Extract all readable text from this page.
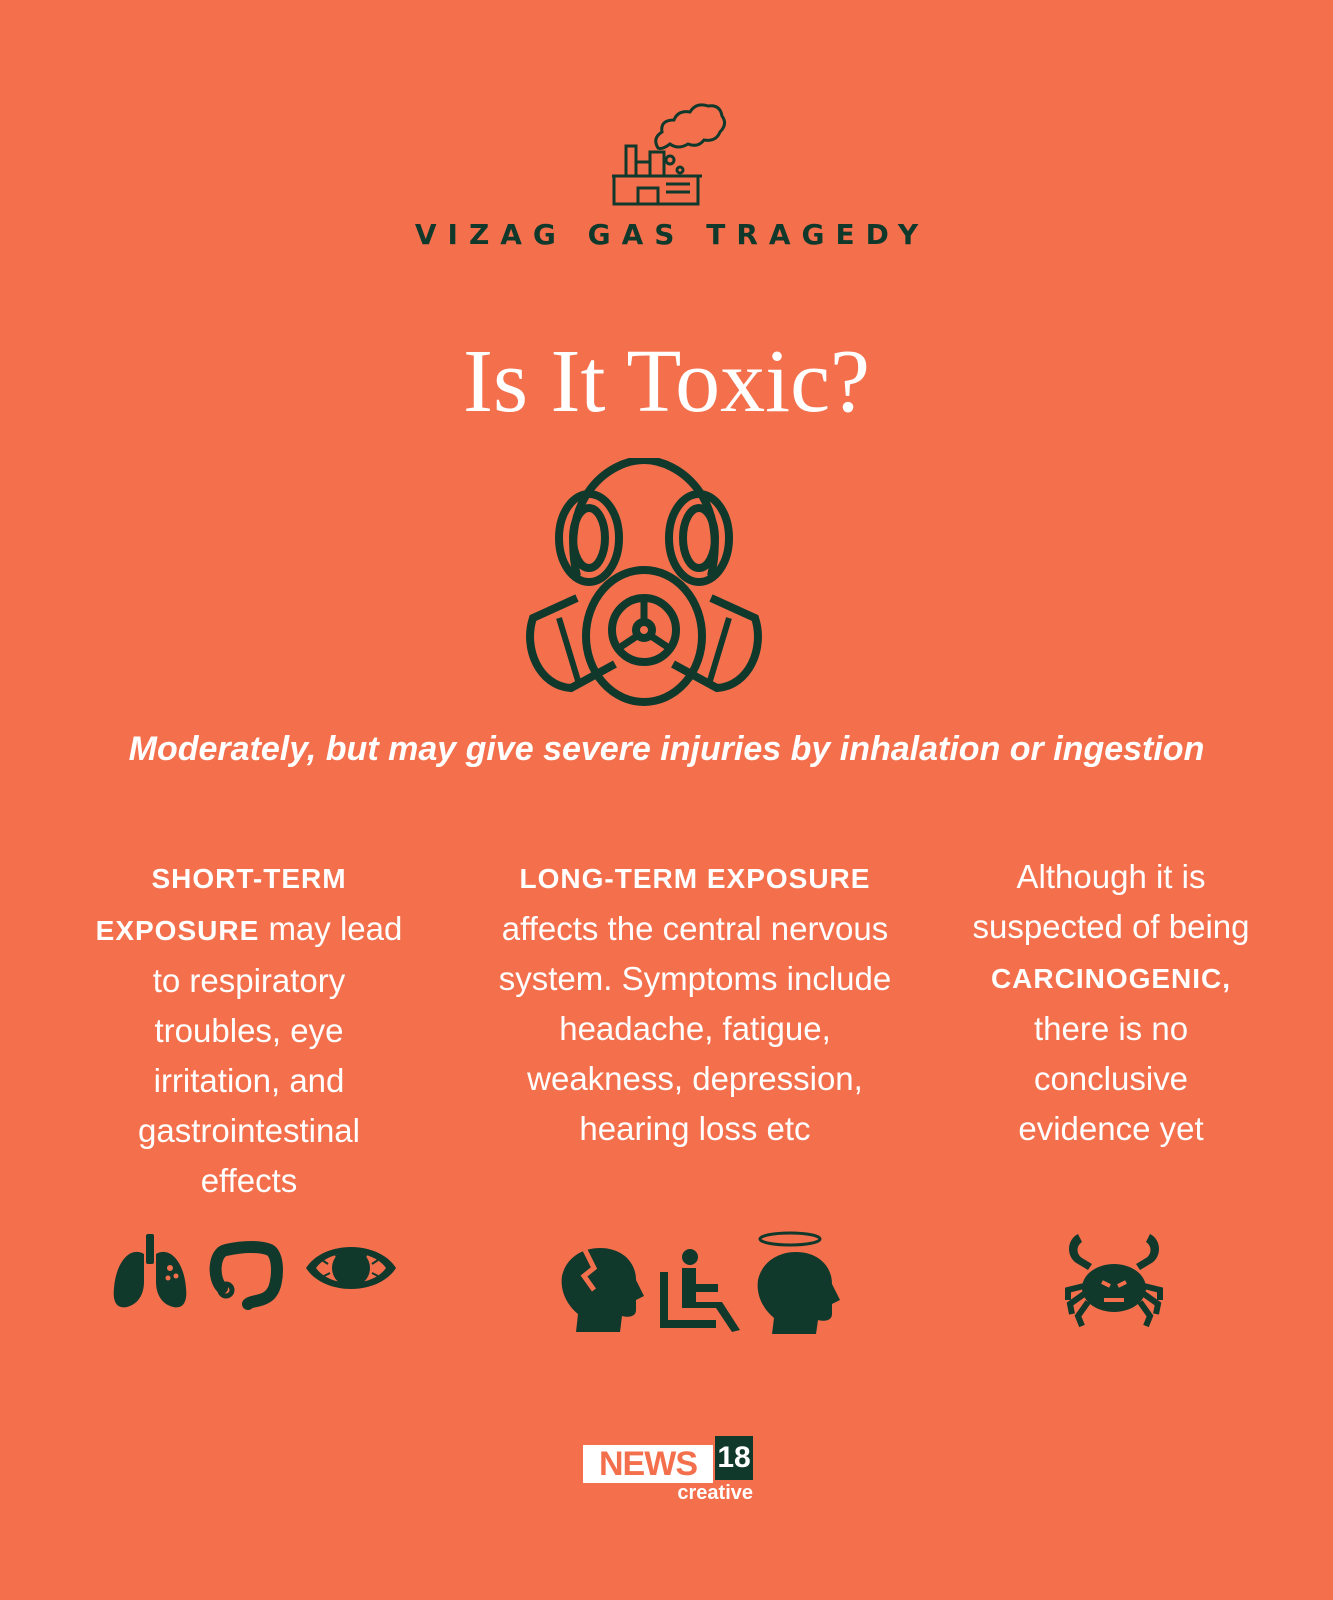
VIZAG GAS TRAGEDY
Is It Toxic?
Moderately, but may give severe injuries by inhalation or ingestion
SHORT-TERM EXPOSURE may lead to respiratory troubles, eye irritation, and gastrointestinal effects
LONG-TERM EXPOSURE
affects the central nervous system. Symptoms include headache, fatigue, weakness, depression, hearing loss etc
Although it is suspected of being
CARCINOGENIC,
there is no conclusive evidence yet
NEWS 18
creative
